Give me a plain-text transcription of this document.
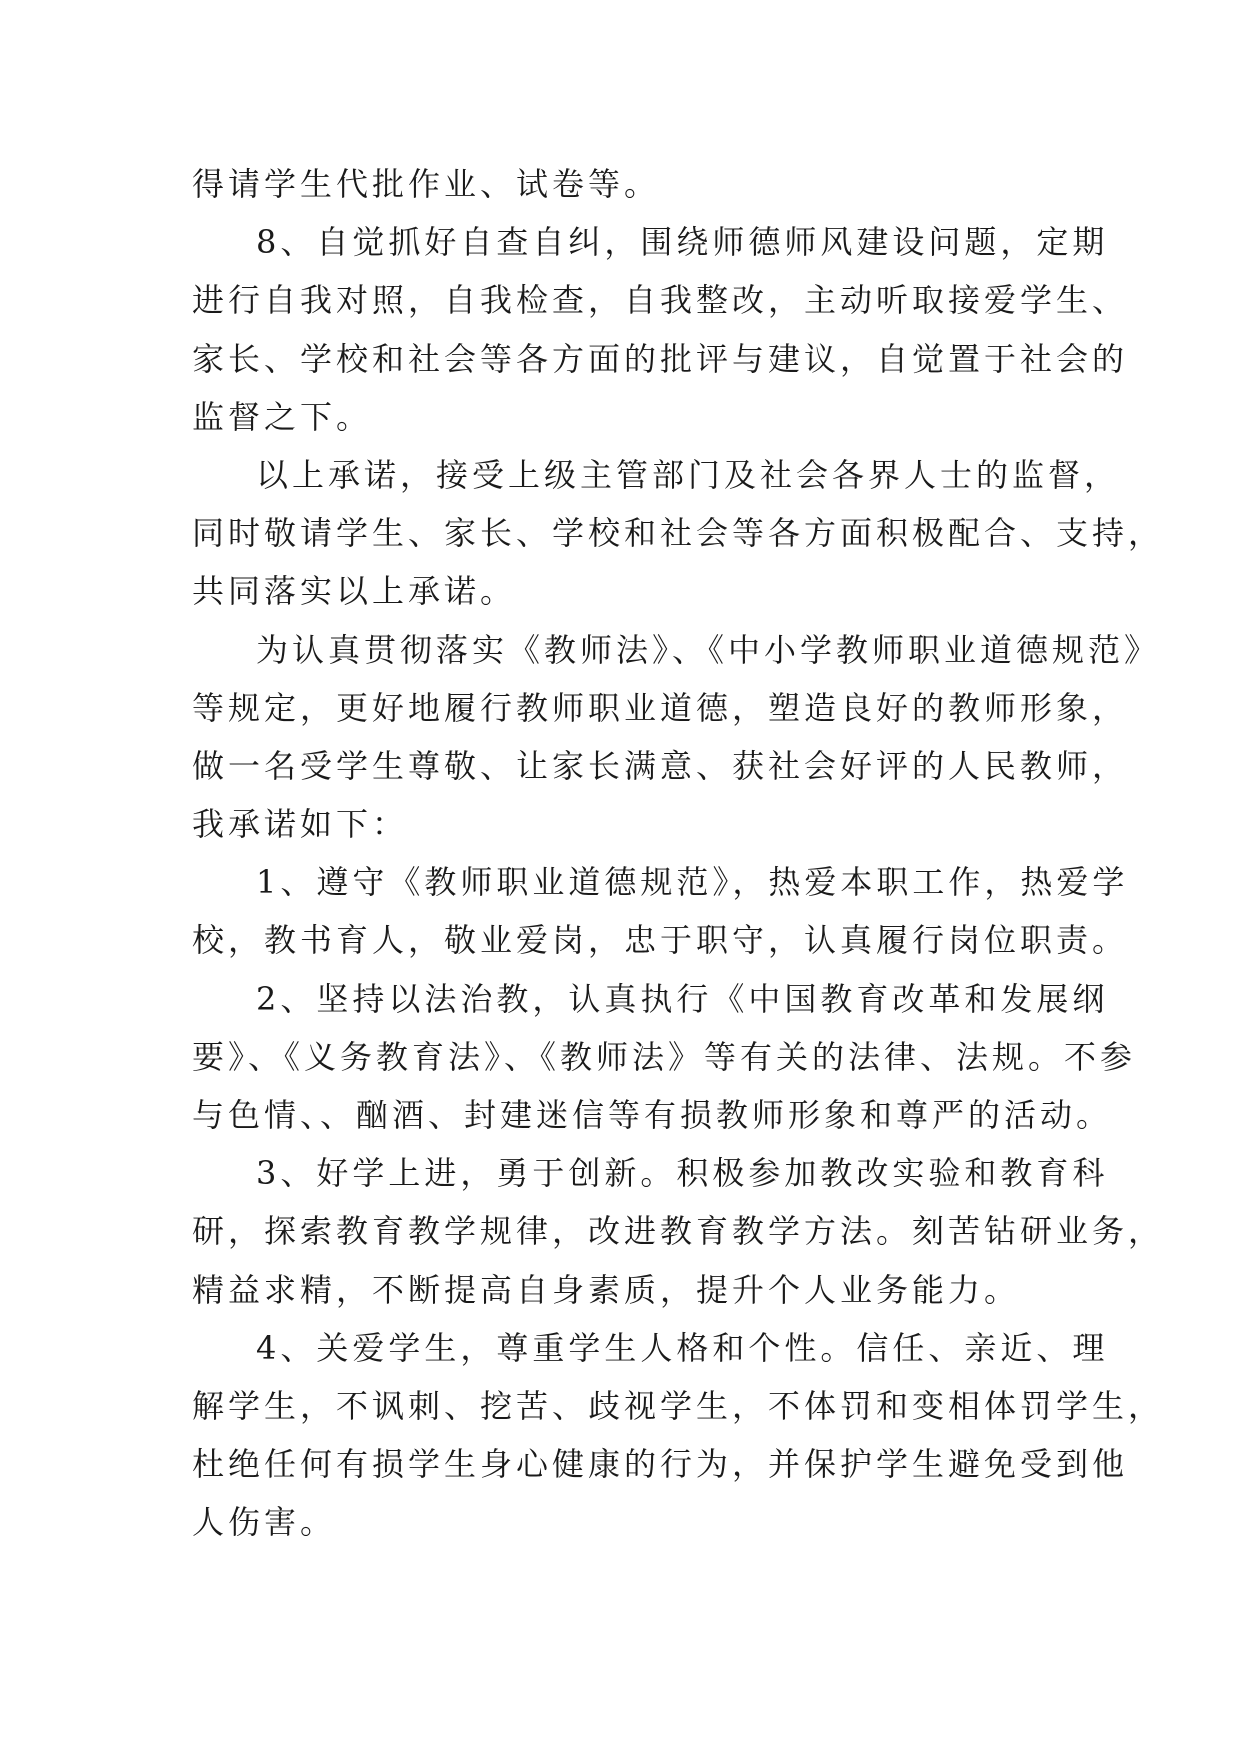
得请学生代批作业、试卷等。
8、自觉抓好自查自纠，围绕师德师风建设问题，定期
进行自我对照，自我检查，自我整改，主动听取接爱学生、
家长、学校和社会等各方面的批评与建议，自觉置于社会的
监督之下。
以上承诺，接受上级主管部门及社会各界人士的监督，
同时敬请学生、家长、学校和社会等各方面积极配合、支持，
共同落实以上承诺。
为认真贯彻落实《教师法》、《中小学教师职业道德规范》
等规定，更好地履行教师职业道德，塑造良好的教师形象，
做一名受学生尊敬、让家长满意、获社会好评的人民教师，
我承诺如下：
1、遵守《教师职业道德规范》，热爱本职工作，热爱学
校，教书育人，敬业爱岗，忠于职守，认真履行岗位职责。
2、坚持以法治教，认真执行《中国教育改革和发展纲
要》、《义务教育法》、《教师法》等有关的法律、法规。不参
与色情、、酗酒、封建迷信等有损教师形象和尊严的活动。
3、好学上进，勇于创新。积极参加教改实验和教育科
研，探索教育教学规律，改进教育教学方法。刻苦钻研业务，
精益求精，不断提高自身素质，提升个人业务能力。
4、关爱学生，尊重学生人格和个性。信任、亲近、理
解学生，不讽刺、挖苦、歧视学生，不体罚和变相体罚学生，
杜绝任何有损学生身心健康的行为，并保护学生避免受到他
人伤害。
